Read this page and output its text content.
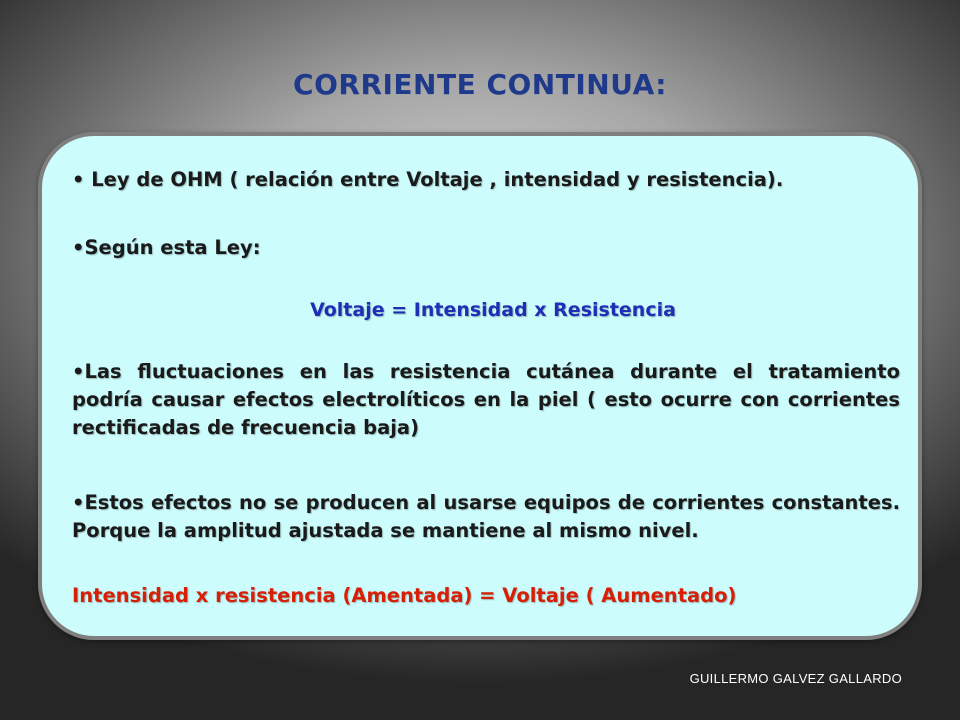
CORRIENTE CONTINUA:
• Ley de OHM ( relación entre Voltaje , intensidad y resistencia).
•Según esta Ley:
Voltaje = Intensidad x Resistencia
•Las fluctuaciones en las resistencia cutánea durante el tratamiento podría causar efectos electrolíticos en la piel ( esto ocurre con corrientes rectificadas de frecuencia baja)
•Estos efectos no se producen al usarse equipos de corrientes constantes. Porque la amplitud ajustada se mantiene al mismo nivel.
Intensidad x resistencia (Amentada) = Voltaje ( Aumentado)
GUILLERMO GALVEZ GALLARDO
